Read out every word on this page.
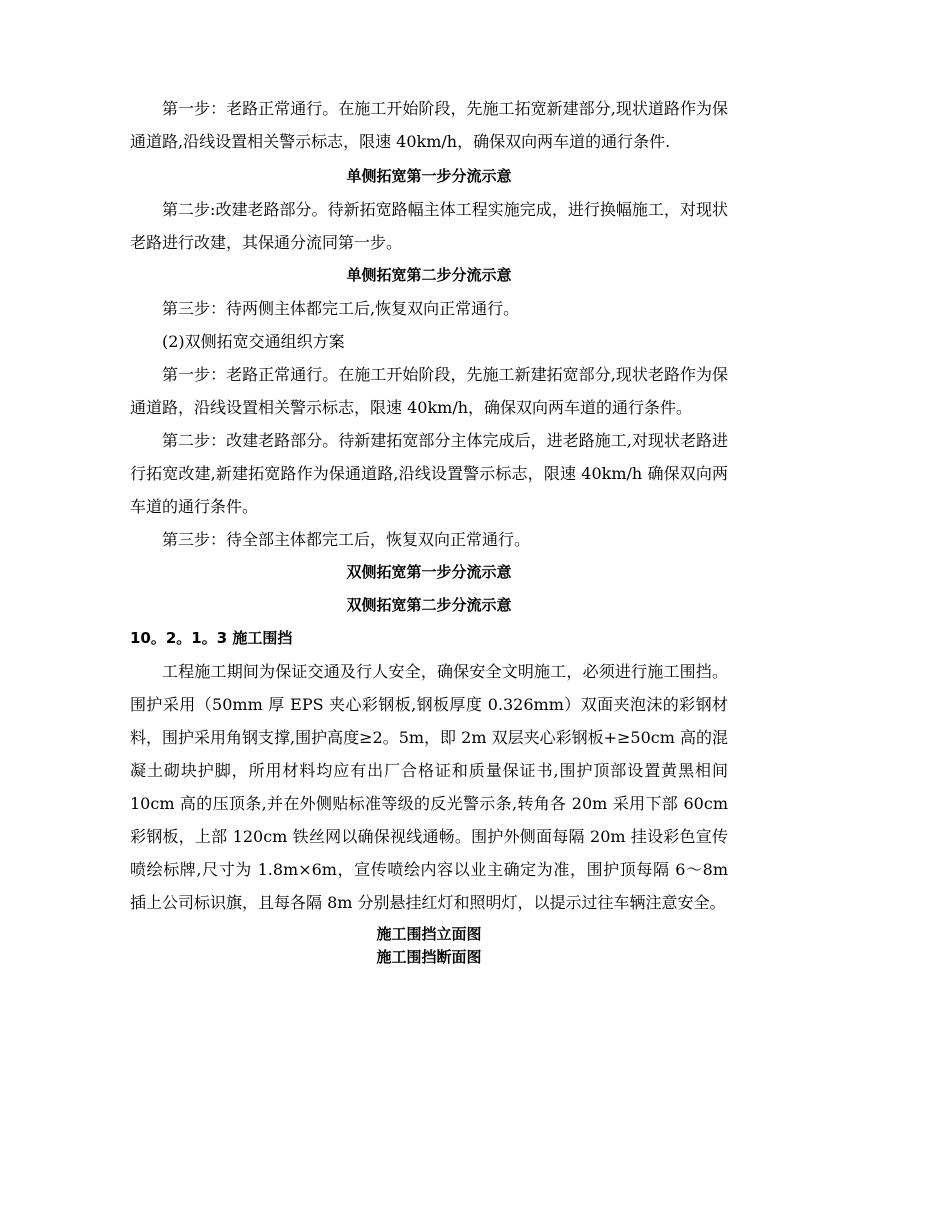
第一步：老路正常通行。在施工开始阶段，先施工拓宽新建部分,现状道路作为保通道路,沿线设置相关警示标志，限速 40km/h，确保双向两车道的通行条件.

单侧拓宽第一步分流示意

第二步:改建老路部分。待新拓宽路幅主体工程实施完成，进行换幅施工，对现状老路进行改建，其保通分流同第一步。

单侧拓宽第二步分流示意

第三步：待两侧主体都完工后,恢复双向正常通行。

(2)双侧拓宽交通组织方案

第一步：老路正常通行。在施工开始阶段，先施工新建拓宽部分,现状老路作为保通道路，沿线设置相关警示标志，限速 40km/h，确保双向两车道的通行条件。

第二步：改建老路部分。待新建拓宽部分主体完成后，进老路施工,对现状老路进行拓宽改建,新建拓宽路作为保通道路,沿线设置警示标志，限速 40km/h 确保双向两车道的通行条件。

第三步：待全部主体都完工后，恢复双向正常通行。

双侧拓宽第一步分流示意

双侧拓宽第二步分流示意

10。2。1。3 施工围挡

工程施工期间为保证交通及行人安全，确保安全文明施工，必须进行施工围挡。围护采用（50mm 厚 EPS 夹心彩钢板,钢板厚度 0.326mm）双面夹泡沫的彩钢材料，围护采用角钢支撑,围护高度≥2。5m，即 2m 双层夹心彩钢板+≥50cm 高的混凝土砌块护脚，所用材料均应有出厂合格证和质量保证书,围护顶部设置黄黑相间 10cm 高的压顶条,并在外侧贴标准等级的反光警示条,转角各 20m 采用下部 60cm 彩钢板，上部 120cm 铁丝网以确保视线通畅。围护外侧面每隔 20m 挂设彩色宣传喷绘标牌,尺寸为 1.8m×6m，宣传喷绘内容以业主确定为准，围护顶每隔 6～8m 插上公司标识旗，且每各隔 8m 分别悬挂红灯和照明灯，以提示过往车辆注意安全。

施工围挡立面图

施工围挡断面图
